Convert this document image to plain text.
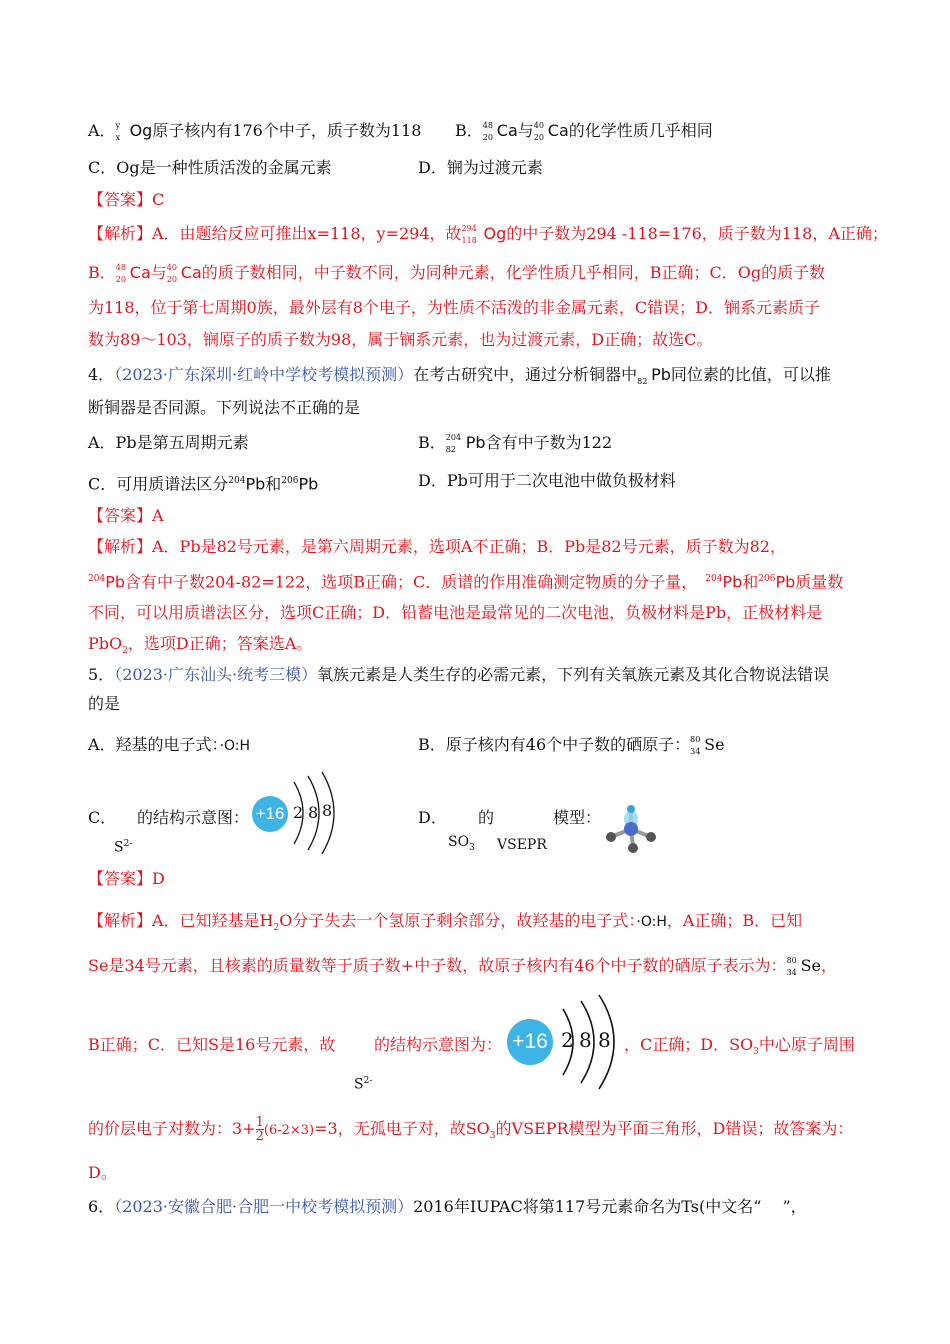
A． y
x Og原子核内有176个中子，质子数为118 B． 48
20 Ca与 40
20 Ca的化学性质几乎相同
C．Og是一种性质活泼的金属元素	D．锎为过渡元素
【答案】C
【解析】A．由题给反应可推出x=118，y=294，故 294
118 Og的中子数为294 -118=176，质子数为118，A正确；
B． 48
20 Ca与 40
20 Ca的质子数相同，中子数不同，为同种元素，化学性质几乎相同，B正确；C．Og的质子数
为118，位于第七周期0族，最外层有8个电子，为性质不活泼的非金属元素，C错误；D．锎系元素质子
数为89～103，锎原子的质子数为98，属于锎系元素，也为过渡元素，D正确；故选C。
4．（2023·广东深圳·红岭中学校考模拟预测）在考古研究中，通过分析铜器中 82 Pb同位素的比值，可以推
断铜器是否同源。下列说法不正确的是
A．Pb是第五周期元素	B． 204
82 Pb含有中子数为122
C．可用质谱法区分$^{204}$Pb和$^{206}$Pb	D．Pb可用于二次电池中做负极材料
【答案】A
【解析】A．Pb是82号元素，是第六周期元素，选项A不正确；B．Pb是82号元素，质子数为82，
$^{204}$Pb含有中子数204-82=122，选项B正确；C．质谱的作用准确测定物质的分子量，　 $^{204}$Pb和$^{206}$Pb质量数
不同，可以用质谱法区分，选项C正确；D．铅蓄电池是最常见的二次电池，负极材料是Pb，正极材料是
PbO$_2$，选项D正确；答案选A。
5．（2023·广东汕头·统考三模）氧族元素是人类生存的必需元素，下列有关氧族元素及其化合物说法错误
的是
A．羟基的电子式：·O:H	B．原子核内有46个中子数的硒原子： 80
34 Se
C． 的结构示意图：
$S^{2-}$
+16 2 8 8	D． 的	模型：
$SO_3$ VSEPR
【答案】D
【解析】A．已知羟基是$H_2O$分子失去一个氢原子剩余部分，故羟基的电子式：·O:H，A正确；B．已知
Se是34号元素，且核素的质量数等于质子数+中子数，故原子核内有46个中子数的硒原子表示为： 80
34 Se，
B正确；C．已知S是16号元素，故 的结构示意图为：
$S^{2-}$
+16 2 8 8 ，C正确；D．$SO_3$中心原子周围
的价层电子对数为：$3+ \frac{1}{2} (6-2\times 3)=3$，无孤电子对，故$SO_3$的VSEPR模型为平面三角形，D错误；故答案为：
D。
6．（2023·安徽合肥·合肥一中校考模拟预测）2016年IUPAC将第117号元素命名为Ts(中文名“　 ”，
